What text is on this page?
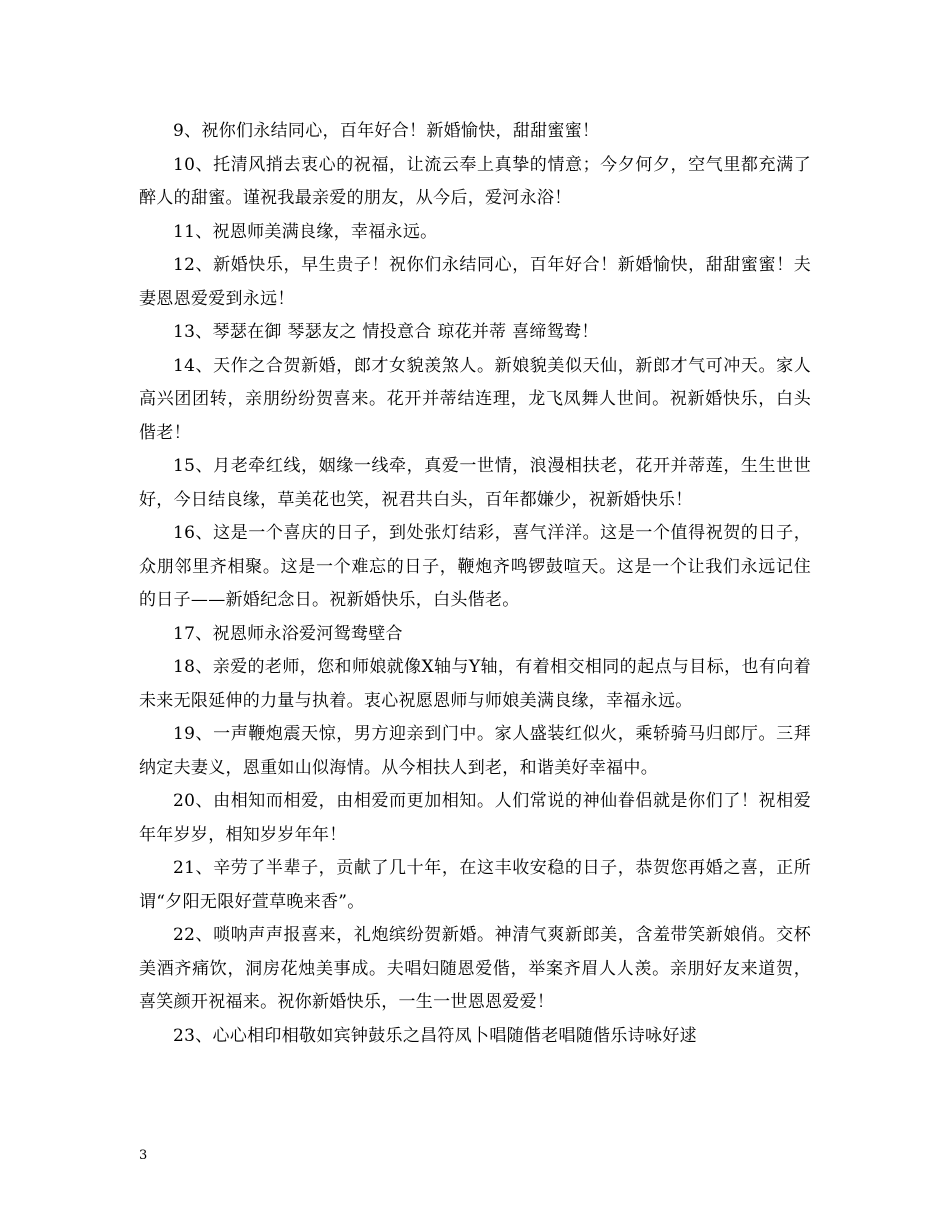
9、祝你们永结同心，百年好合！新婚愉快，甜甜蜜蜜！

10、托清风捎去衷心的祝福，让流云奉上真挚的情意；今夕何夕，空气里都充满了醉人的甜蜜。谨祝我最亲爱的朋友，从今后，爱河永浴！

11、祝恩师美满良缘，幸福永远。

12、新婚快乐，早生贵子！祝你们永结同心，百年好合！新婚愉快，甜甜蜜蜜！夫妻恩恩爱爱到永远！

13、琴瑟在御 琴瑟友之 情投意合 琼花并蒂 喜缔鸳鸯！

14、天作之合贺新婚，郎才女貌羡煞人。新娘貌美似天仙，新郎才气可冲天。家人高兴团团转，亲朋纷纷贺喜来。花开并蒂结连理，龙飞凤舞人世间。祝新婚快乐，白头偕老！

15、月老牵红线，姻缘一线牵，真爱一世情，浪漫相扶老，花开并蒂莲，生生世世好，今日结良缘，草美花也笑，祝君共白头，百年都嫌少，祝新婚快乐！

16、这是一个喜庆的日子，到处张灯结彩，喜气洋洋。这是一个值得祝贺的日子，众朋邻里齐相聚。这是一个难忘的日子，鞭炮齐鸣锣鼓喧天。这是一个让我们永远记住的日子——新婚纪念日。祝新婚快乐，白头偕老。

17、祝恩师永浴爱河鸳鸯壁合

18、亲爱的老师，您和师娘就像X轴与Y轴，有着相交相同的起点与目标，也有向着未来无限延伸的力量与执着。衷心祝愿恩师与师娘美满良缘，幸福永远。

19、一声鞭炮震天惊，男方迎亲到门中。家人盛装红似火，乘轿骑马归郎厅。三拜纳定夫妻义，恩重如山似海情。从今相扶人到老，和谐美好幸福中。

20、由相知而相爱，由相爱而更加相知。人们常说的神仙眷侣就是你们了！祝相爱年年岁岁，相知岁岁年年！

21、辛劳了半辈子，贡献了几十年，在这丰收安稳的日子，恭贺您再婚之喜，正所谓“夕阳无限好萱草晚来香”。

22、唢呐声声报喜来，礼炮缤纷贺新婚。神清气爽新郎美，含羞带笑新娘俏。交杯美酒齐痛饮，洞房花烛美事成。夫唱妇随恩爱偕，举案齐眉人人羡。亲朋好友来道贺，喜笑颜开祝福来。祝你新婚快乐，一生一世恩恩爱爱！

23、心心相印相敬如宾钟鼓乐之昌符凤卜唱随偕老唱随偕乐诗咏好逑

3
